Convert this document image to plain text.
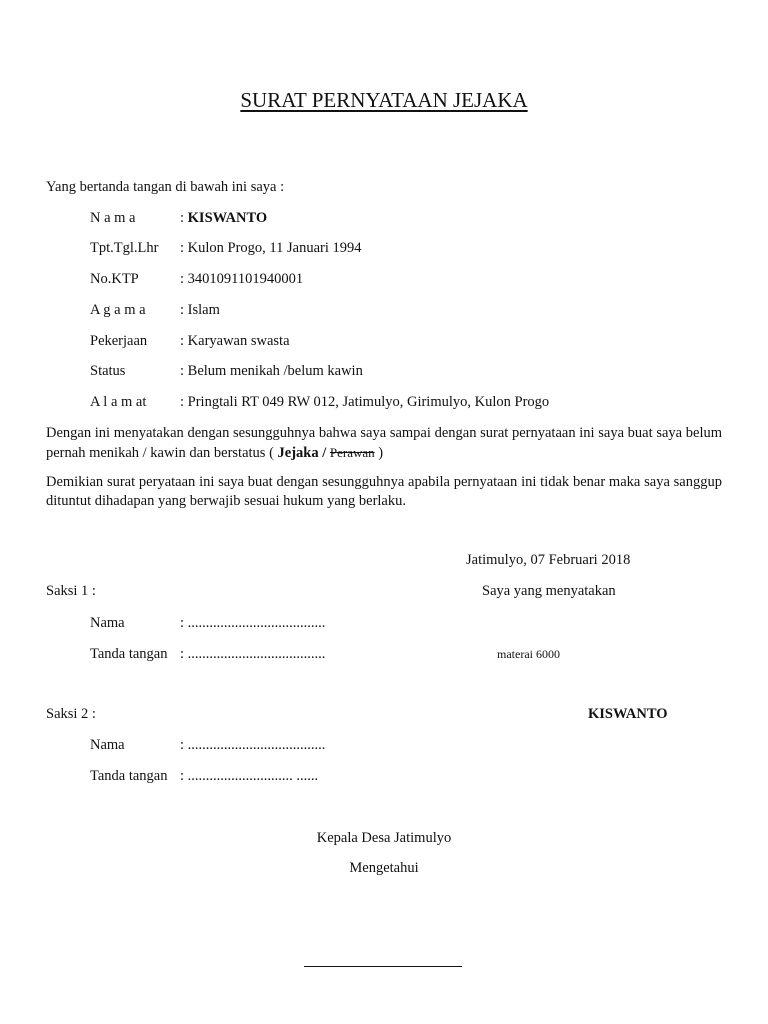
SURAT PERNYATAAN JEJAKA
Yang bertanda tangan di bawah ini saya :
N a m a	: KISWANTO
Tpt.Tgl.Lhr : Kulon Progo, 11 Januari 1994
No.KTP	: 3401091101940001
A g a m a : Islam
Pekerjaan : Karyawan swasta
Status	: Belum menikah /belum kawin
A l a m at : Pringtali RT 049 RW 012, Jatimulyo, Girimulyo, Kulon Progo
Dengan ini menyatakan dengan sesungguhnya bahwa saya sampai dengan surat pernyataan ini saya buat saya belum pernah menikah / kawin dan berstatus ( Jejaka / Perawan )
Demikian surat peryataan ini saya buat dengan sesungguhnya apabila pernyataan ini tidak benar maka saya sanggup dituntut dihadapan yang berwajib sesuai hukum yang berlaku.
Jatimulyo, 07 Februari 2018
Saksi 1 :	Saya yang menyatakan
Nama	: ......................................
Tanda tangan : ......................................	materai 6000
Saksi 2 :	KISWANTO
Nama	: ......................................
Tanda tangan : ............................. ......
Kepala Desa Jatimulyo
Mengetahui
